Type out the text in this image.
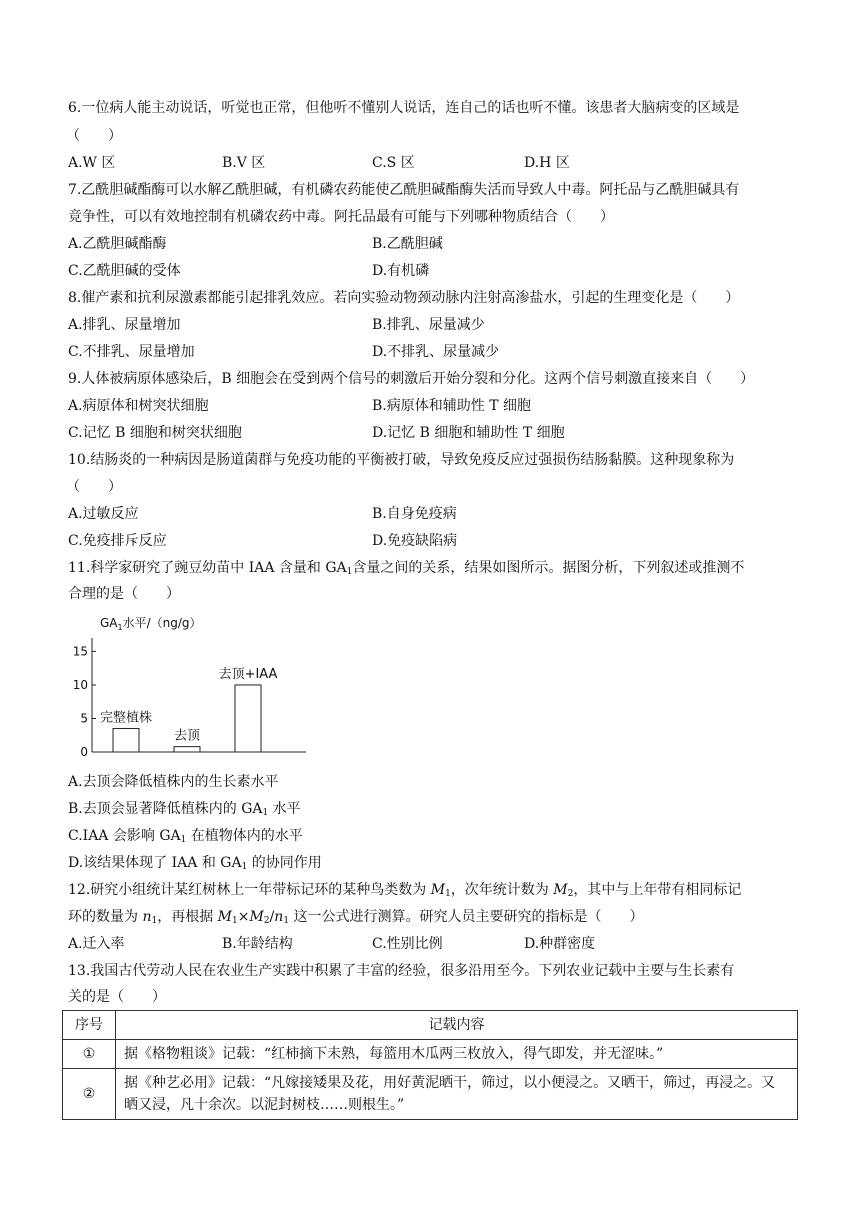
6.一位病人能主动说话，听觉也正常，但他听不懂别人说话，连自己的话也听不懂。该患者大脑病变的区域是
（　　）
A.W 区	B.V 区	C.S 区	D.H 区
7.乙酰胆碱酯酶可以水解乙酰胆碱，有机磷农药能使乙酰胆碱酯酶失活而导致人中毒。阿托品与乙酰胆碱具有
竞争性，可以有效地控制有机磷农药中毒。阿托品最有可能与下列哪种物质结合（　　）
A.乙酰胆碱酯酶	B.乙酰胆碱
C.乙酰胆碱的受体	D.有机磷
8.催产素和抗利尿激素都能引起排乳效应。若向实验动物颈动脉内注射高渗盐水，引起的生理变化是（　　）
A.排乳、尿量增加	B.排乳、尿量减少
C.不排乳、尿量增加	D.不排乳、尿量减少
9.人体被病原体感染后，B 细胞会在受到两个信号的刺激后开始分裂和分化。这两个信号刺激直接来自（　　）
A.病原体和树突状细胞	B.病原体和辅助性 T 细胞
C.记忆 B 细胞和树突状细胞	D.记忆 B 细胞和辅助性 T 细胞
10.结肠炎的一种病因是肠道菌群与免疫功能的平衡被打破，导致免疫反应过强损伤结肠黏膜。这种现象称为
（　　）
A.过敏反应	B.自身免疫病
C.免疫排斥反应	D.免疫缺陷病
11.科学家研究了豌豆幼苗中 IAA 含量和 $GA_1$含量之间的关系，结果如图所示。据图分析，下列叙述或推测不
合理的是（　　）
$GA_1$水平/（ng/g）
0
5
10
15
完整植株
去顶
去顶+IAA
A.去顶会降低植株内的生长素水平
B.去顶会显著降低植株内的 $GA_1$ 水平
C.IAA 会影响 $GA_1$ 在植物体内的水平
D.该结果体现了 IAA 和 $GA_1$ 的协同作用
12.研究小组统计某红树林上一年带标记环的某种鸟类数为 $M_1$，次年统计数为 $M_2$，其中与上年带有相同标记
环的数量为 $n_1$，再根据 $M_1\times M_2/n_1$ 这一公式进行测算。研究人员主要研究的指标是（　　）
A.迁入率	B.年龄结构	C.性别比例	D.种群密度
13.我国古代劳动人民在农业生产实践中积累了丰富的经验，很多沿用至今。下列农业记载中主要与生长素有
关的是（　　）
序号	记载内容
①	据《格物粗谈》记载：“红柿摘下未熟，每篮用木瓜两三枚放入，得气即发，并无涩味。”
②	据《种艺必用》记载：“凡嫁接矮果及花，用好黄泥晒干，筛过，以小便浸之。又晒干，筛过，再浸之。又晒又浸，凡十余次。以泥封树枝……则根生。”
